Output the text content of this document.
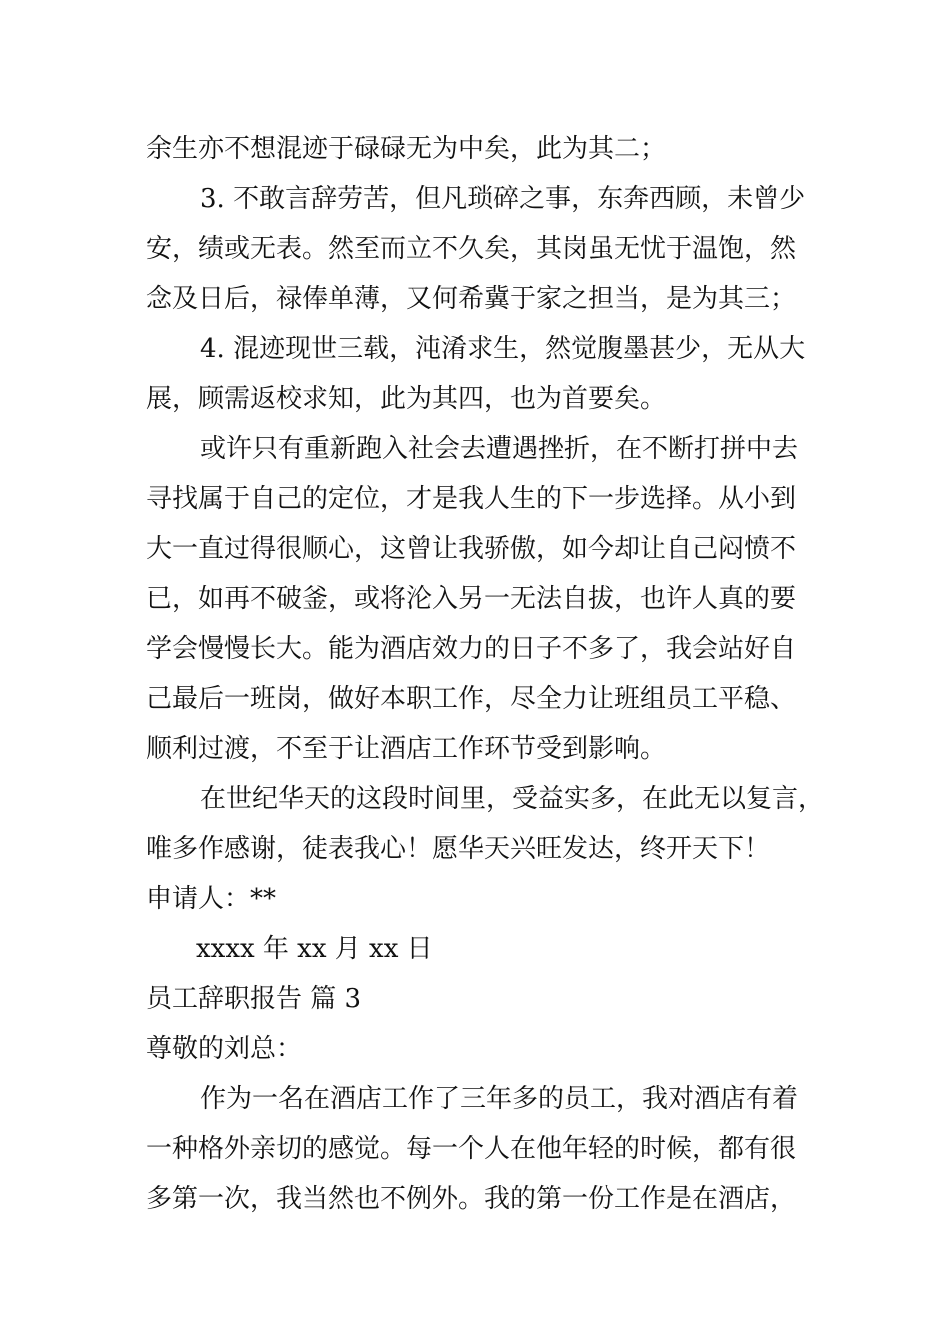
余生亦不想混迹于碌碌无为中矣，此为其二；
3. 不敢言辞劳苦，但凡琐碎之事，东奔西顾，未曾少
安，绩或无表。然至而立不久矣，其岗虽无忧于温饱，然
念及日后，禄俸单薄，又何希冀于家之担当，是为其三；
4. 混迹现世三载，沌淆求生，然觉腹墨甚少，无从大
展，顾需返校求知，此为其四，也为首要矣。
或许只有重新跑入社会去遭遇挫折，在不断打拼中去
寻找属于自己的定位，才是我人生的下一步选择。从小到
大一直过得很顺心，这曾让我骄傲，如今却让自己闷愤不
已，如再不破釜，或将沦入另一无法自拔，也许人真的要
学会慢慢长大。能为酒店效力的日子不多了，我会站好自
己最后一班岗，做好本职工作，尽全力让班组员工平稳、
顺利过渡，不至于让酒店工作环节受到影响。
在世纪华天的这段时间里，受益实多，在此无以复言，
唯多作感谢，徒表我心！愿华天兴旺发达，终开天下！
申请人：**
xxxx 年 xx 月 xx 日
员工辞职报告 篇 3
尊敬的刘总：
作为一名在酒店工作了三年多的员工，我对酒店有着
一种格外亲切的感觉。每一个人在他年轻的时候，都有很
多第一次，我当然也不例外。我的第一份工作是在酒店，
